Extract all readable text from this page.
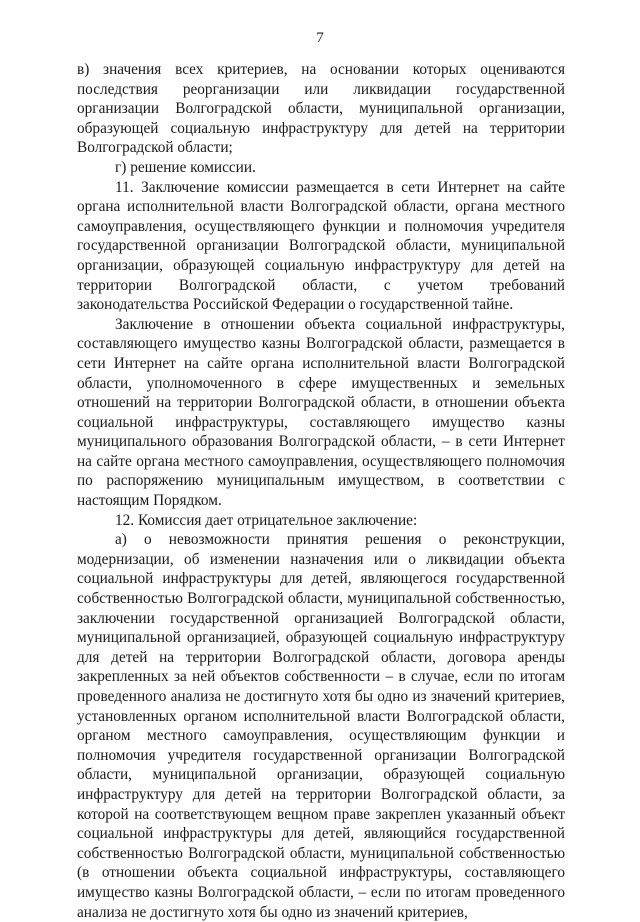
7

в) значения всех критериев, на основании которых оцениваются последствия реорганизации или ликвидации государственной организации Волгоградской области, муниципальной организации, образующей социальную инфраструктуру для детей на территории Волгоградской области;

г) решение комиссии.

11. Заключение комиссии размещается в сети Интернет на сайте органа исполнительной власти Волгоградской области, органа местного самоуправления, осуществляющего функции и полномочия учредителя государственной организации Волгоградской области, муниципальной организации, образующей социальную инфраструктуру для детей на территории Волгоградской области, с учетом требований законодательства Российской Федерации о государственной тайне.

Заключение в отношении объекта социальной инфраструктуры, составляющего имущество казны Волгоградской области, размещается в сети Интернет на сайте органа исполнительной власти Волгоградской области, уполномоченного в сфере имущественных и земельных отношений на территории Волгоградской области, в отношении объекта социальной инфраструктуры, составляющего имущество казны муниципального образования Волгоградской области, – в сети Интернет на сайте органа местного самоуправления, осуществляющего полномочия по распоряжению муниципальным имуществом, в соответствии с настоящим Порядком.

12. Комиссия дает отрицательное заключение:

а) о невозможности принятия решения о реконструкции, модернизации, об изменении назначения или о ликвидации объекта социальной инфраструктуры для детей, являющегося государственной собственностью Волгоградской области, муниципальной собственностью, заключении государственной организацией Волгоградской области, муниципальной организацией, образующей социальную инфраструктуру для детей на территории Волгоградской области, договора аренды закрепленных за ней объектов собственности – в случае, если по итогам проведенного анализа не достигнуто хотя бы одно из значений критериев, установленных органом исполнительной власти Волгоградской области, органом местного самоуправления, осуществляющим функции и полномочия учредителя государственной организации Волгоградской области, муниципальной организации, образующей социальную инфраструктуру для детей на территории Волгоградской области, за которой на соответствующем вещном праве закреплен указанный объект социальной инфраструктуры для детей, являющийся государственной собственностью Волгоградской области, муниципальной собственностью (в отношении объекта социальной инфраструктуры, составляющего имущество казны Волгоградской области, – если по итогам проведенного анализа не достигнуто хотя бы одно из значений критериев,
